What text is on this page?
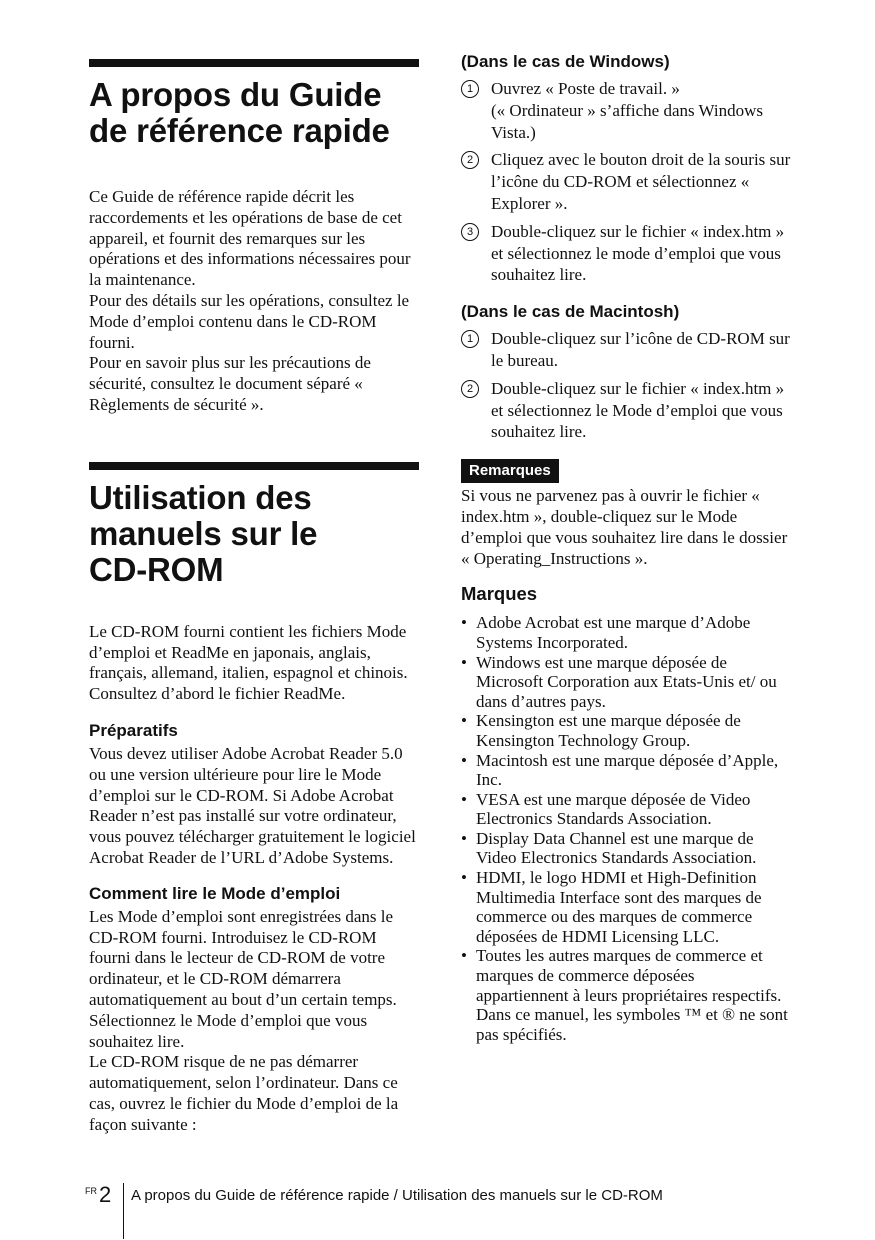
A propos du Guide
de référence rapide

Ce Guide de référence rapide décrit les raccordements et les opérations de base de cet appareil, et fournit des remarques sur les opérations et des informations nécessaires pour la maintenance.

Pour des détails sur les opérations, consultez le Mode d’emploi contenu dans le CD-ROM fourni.

Pour en savoir plus sur les précautions de sécurité, consultez le document séparé « Règlements de sécurité ».

Utilisation des
manuels sur le
CD-ROM

Le CD-ROM fourni contient les fichiers Mode d’emploi et ReadMe en japonais, anglais, français, allemand, italien, espagnol et chinois. Consultez d’abord le fichier ReadMe.

Préparatifs

Vous devez utiliser Adobe Acrobat Reader 5.0 ou une version ultérieure pour lire le Mode d’emploi sur le CD-ROM. Si Adobe Acrobat Reader n’est pas installé sur votre ordinateur, vous pouvez télécharger gratuitement le logiciel Acrobat Reader de l’URL d’Adobe Systems.

Comment lire le Mode d’emploi

Les Mode d’emploi sont enregistrées dans le CD-ROM fourni. Introduisez le CD-ROM fourni dans le lecteur de CD-ROM de votre ordinateur, et le CD-ROM démarrera automatiquement au bout d’un certain temps. Sélectionnez le Mode d’emploi que vous souhaitez lire.

Le CD-ROM risque de ne pas démarrer automatiquement, selon l’ordinateur. Dans ce cas, ouvrez le fichier du Mode d’emploi de la façon suivante :

(Dans le cas de Windows)
1	Ouvrez « Poste de travail. »
(« Ordinateur » s’affiche dans Windows Vista.)
2	Cliquez avec le bouton droit de la souris sur l’icône du CD-ROM et sélectionnez « Explorer ».
3	Double-cliquez sur le fichier « index.htm » et sélectionnez le mode d’emploi que vous souhaitez lire.
(Dans le cas de Macintosh)
1	Double-cliquez sur l’icône de CD-ROM sur le bureau.
2	Double-cliquez sur le fichier « index.htm » et sélectionnez le Mode d’emploi que vous souhaitez lire.
Remarques

Si vous ne parvenez pas à ouvrir le fichier « index.htm », double-cliquez sur le Mode d’emploi que vous souhaitez lire dans le dossier « Operating_Instructions ».

Marques
• Adobe Acrobat est une marque d’Adobe Systems Incorporated.
• Windows est une marque déposée de Microsoft Corporation aux Etats-Unis et/ ou dans d’autres pays.
• Kensington est une marque déposée de Kensington Technology Group.
• Macintosh est une marque déposée d’Apple, Inc.
• VESA est une marque déposée de Video Electronics Standards Association.
• Display Data Channel est une marque de Video Electronics Standards Association.
• HDMI, le logo HDMI et High-Definition Multimedia Interface sont des marques de commerce ou des marques de commerce déposées de HDMI Licensing LLC.
• Toutes les autres marques de commerce et marques de commerce déposées appartiennent à leurs propriétaires respectifs. Dans ce manuel, les symboles ™ et ® ne sont pas spécifiés.
FR 2 A propos du Guide de référence rapide / Utilisation des manuels sur le CD-ROM
